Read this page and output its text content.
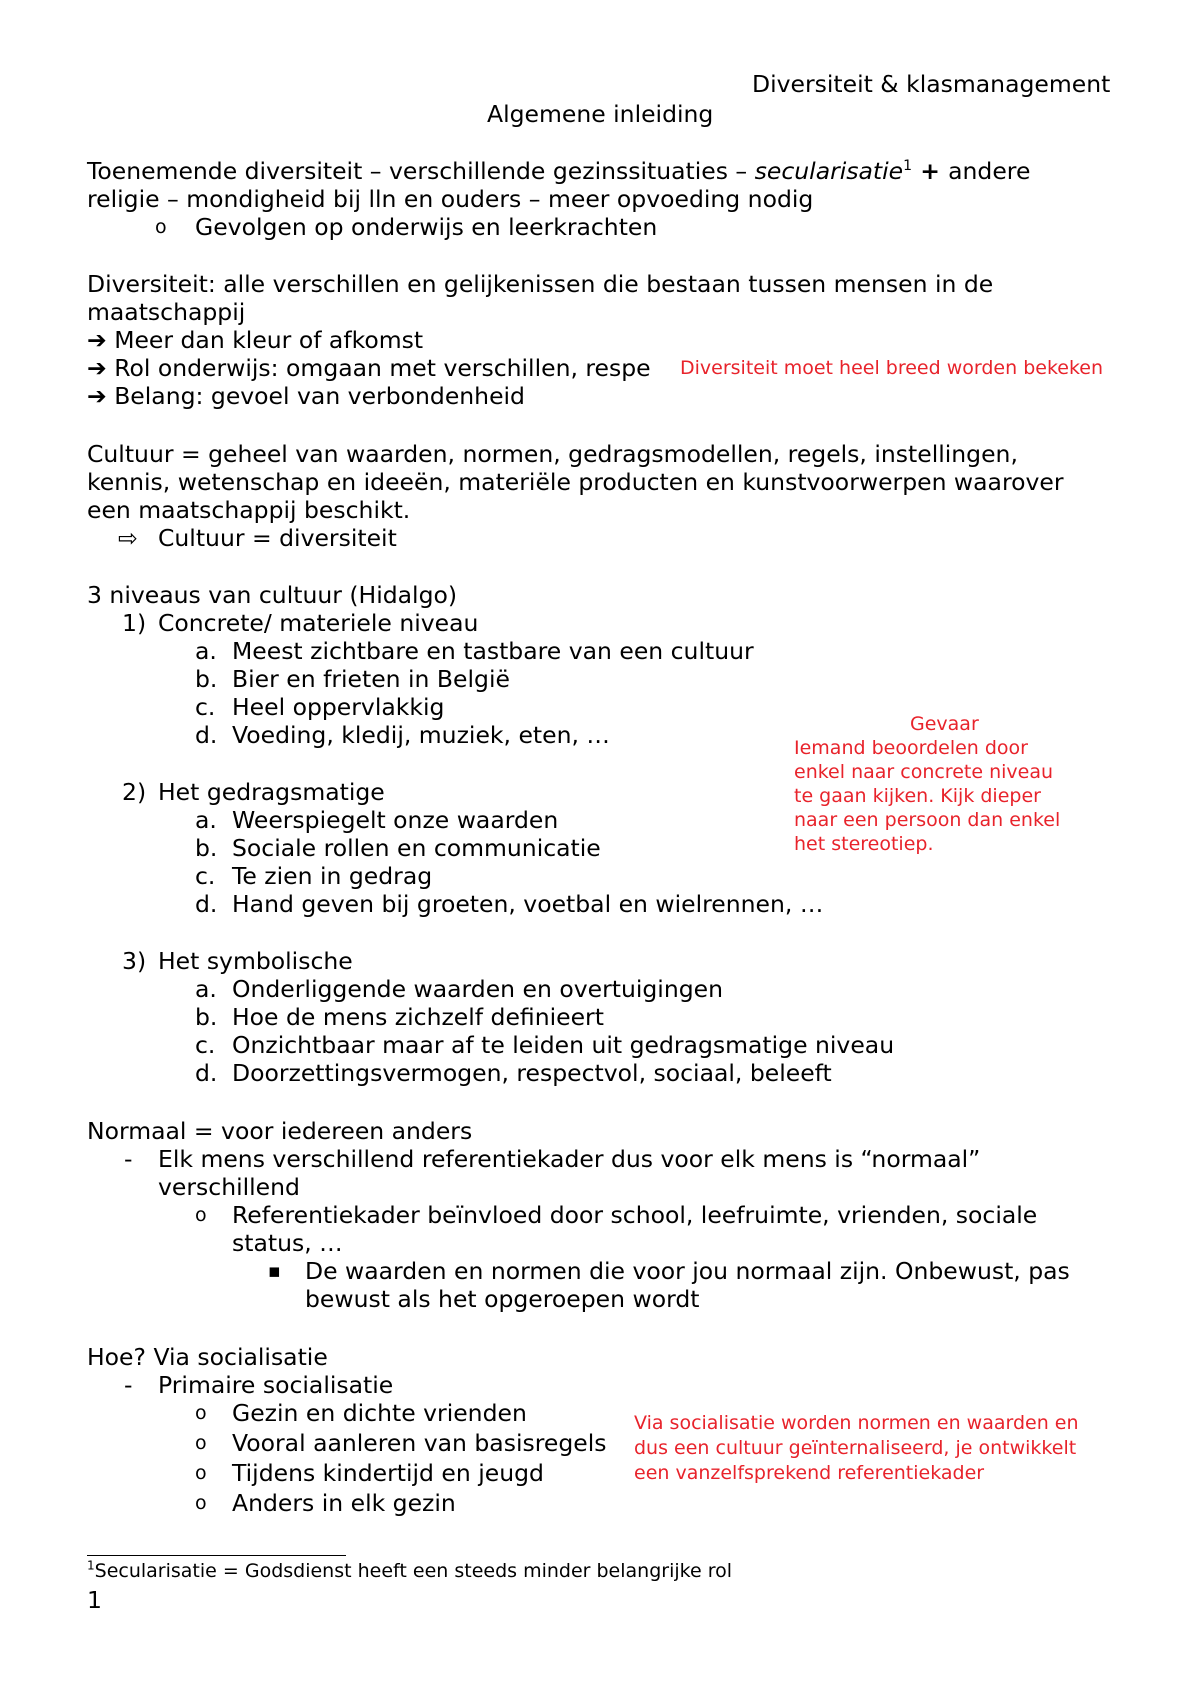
Diversiteit & klasmanagement
Algemene inleiding
Toenemende diversiteit – verschillende gezinssituaties – secularisatie$^1$ + andere
religie – mondigheid bij lln en ouders – meer opvoeding nodig
o Gevolgen op onderwijs en leerkrachten
Diversiteit: alle verschillen en gelijkenissen die bestaan tussen mensen in de
maatschappij
➔ Meer dan kleur of afkomst
➔ Rol onderwijs: omgaan met verschillen, respe
➔ Belang: gevoel van verbondenheid
Cultuur = geheel van waarden, normen, gedragsmodellen, regels, instellingen,
kennis, wetenschap en ideeën, materiële producten en kunstvoorwerpen waarover
een maatschappij beschikt.
⇨ Cultuur = diversiteit
3 niveaus van cultuur (Hidalgo)
1) Concrete/ materiele niveau
a. Meest zichtbare en tastbare van een cultuur
b. Bier en frieten in België
c. Heel oppervlakkig
d. Voeding, kledij, muziek, eten, …
2) Het gedragsmatige
a. Weerspiegelt onze waarden
b. Sociale rollen en communicatie
c. Te zien in gedrag
d. Hand geven bij groeten, voetbal en wielrennen, …
3) Het symbolische
a. Onderliggende waarden en overtuigingen
b. Hoe de mens zichzelf definieert
c. Onzichtbaar maar af te leiden uit gedragsmatige niveau
d. Doorzettingsvermogen, respectvol, sociaal, beleeft
Normaal = voor iedereen anders
- Elk mens verschillend referentiekader dus voor elk mens is “normaal”
verschillend
o Referentiekader beïnvloed door school, leefruimte, vrienden, sociale
status, …
▪ De waarden en normen die voor jou normaal zijn. Onbewust, pas
bewust als het opgeroepen wordt
Hoe? Via socialisatie
- Primaire socialisatie
o Gezin en dichte vrienden
o Vooral aanleren van basisregels
o Tijdens kindertijd en jeugd
o Anders in elk gezin
Diversiteit moet heel breed worden bekeken
Gevaar
Iemand beoordelen door
enkel naar concrete niveau
te gaan kijken. Kijk dieper
naar een persoon dan enkel
het stereotiep.
Via socialisatie worden normen en waarden en
dus een cultuur geïnternaliseerd, je ontwikkelt
een vanzelfsprekend referentiekader
$^1$Secularisatie = Godsdienst heeft een steeds minder belangrijke rol
1
